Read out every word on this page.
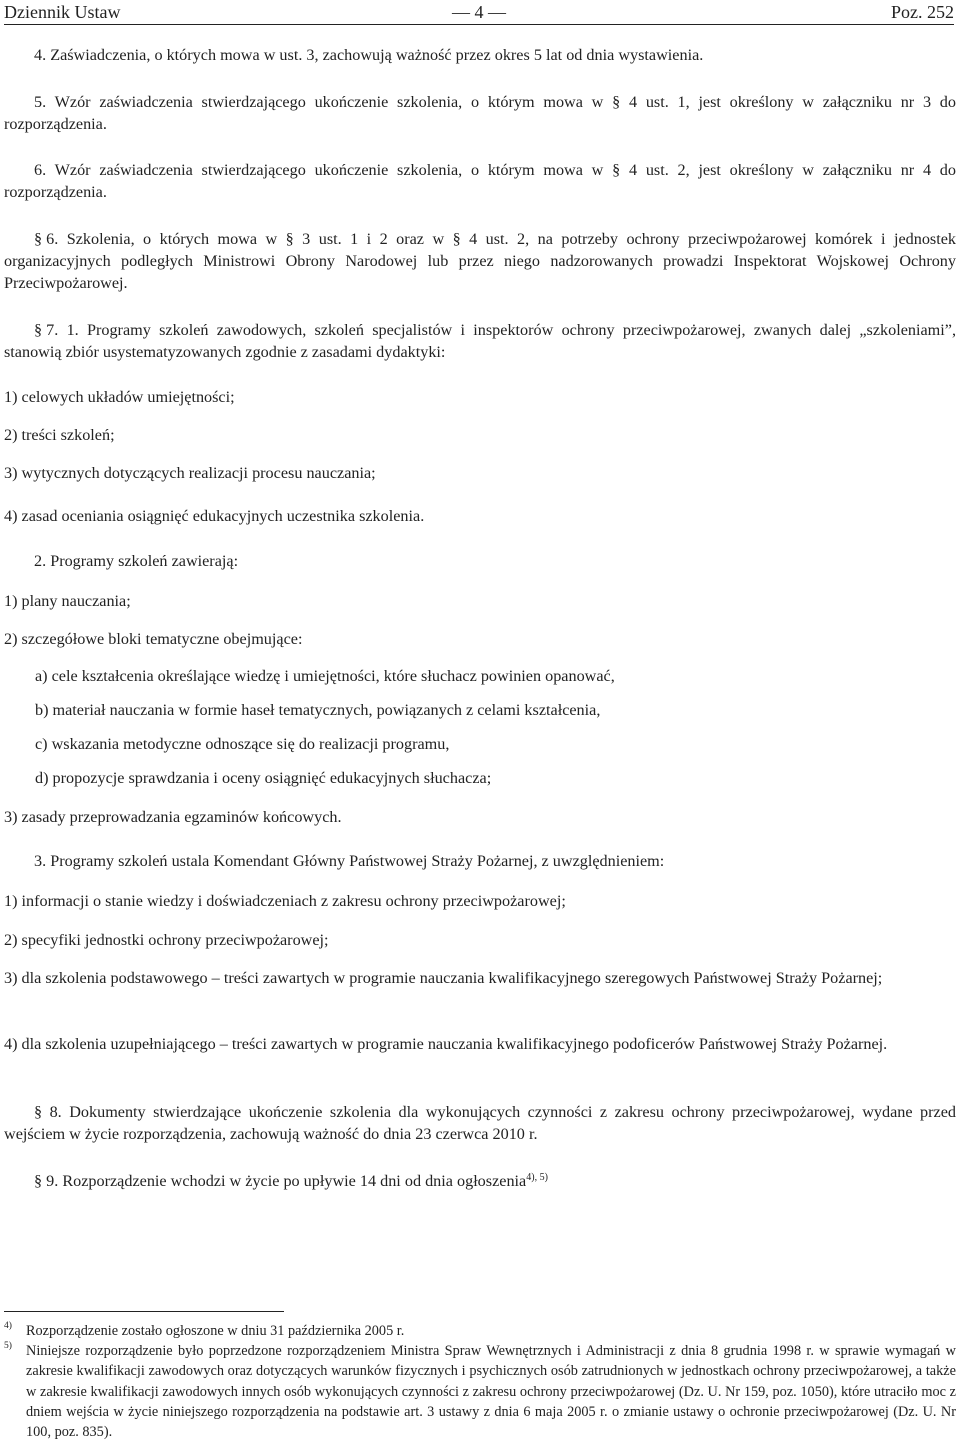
Dziennik Ustaw	— 4 —	Poz. 252
4. Zaświadczenia, o których mowa w ust. 3, zachowują ważność przez okres 5 lat od dnia wystawienia.
5. Wzór zaświadczenia stwierdzającego ukończenie szkolenia, o którym mowa w § 4 ust. 1, jest określony w załączniku nr 3 do rozporządzenia.
6. Wzór zaświadczenia stwierdzającego ukończenie szkolenia, o którym mowa w § 4 ust. 2, jest określony w załączniku nr 4 do rozporządzenia.
§ 6. Szkolenia, o których mowa w § 3 ust. 1 i 2 oraz w § 4 ust. 2, na potrzeby ochrony przeciwpożarowej komórek i jednostek organizacyjnych podległych Ministrowi Obrony Narodowej lub przez niego nadzorowanych prowadzi Inspektorat Wojskowej Ochrony Przeciwpożarowej.
§ 7. 1. Programy szkoleń zawodowych, szkoleń specjalistów i inspektorów ochrony przeciwpożarowej, zwanych dalej „szkoleniami”, stanowią zbiór usystematyzowanych zgodnie z zasadami dydaktyki:
1) celowych układów umiejętności;
2) treści szkoleń;
3) wytycznych dotyczących realizacji procesu nauczania;
4) zasad oceniania osiągnięć edukacyjnych uczestnika szkolenia.
2. Programy szkoleń zawierają:
1) plany nauczania;
2) szczegółowe bloki tematyczne obejmujące:
a) cele kształcenia określające wiedzę i umiejętności, które słuchacz powinien opanować,
b) materiał nauczania w formie haseł tematycznych, powiązanych z celami kształcenia,
c) wskazania metodyczne odnoszące się do realizacji programu,
d) propozycje sprawdzania i oceny osiągnięć edukacyjnych słuchacza;
3) zasady przeprowadzania egzaminów końcowych.
3. Programy szkoleń ustala Komendant Główny Państwowej Straży Pożarnej, z uwzględnieniem:
1) informacji o stanie wiedzy i doświadczeniach z zakresu ochrony przeciwpożarowej;
2) specyfiki jednostki ochrony przeciwpożarowej;
3) dla szkolenia podstawowego – treści zawartych w programie nauczania kwalifikacyjnego szeregowych Państwowej Straży Pożarnej;
4) dla szkolenia uzupełniającego – treści zawartych w programie nauczania kwalifikacyjnego podoficerów Państwowej Straży Pożarnej.
§ 8. Dokumenty stwierdzające ukończenie szkolenia dla wykonujących czynności z zakresu ochrony przeciwpożarowej, wydane przed wejściem w życie rozporządzenia, zachowują ważność do dnia 23 czerwca 2010 r.
§ 9. Rozporządzenie wchodzi w życie po upływie 14 dni od dnia ogłoszenia$^{4), 5)}$
4) Rozporządzenie zostało ogłoszone w dniu 31 października 2005 r.
5) Niniejsze rozporządzenie było poprzedzone rozporządzeniem Ministra Spraw Wewnętrznych i Administracji z dnia 8 grudnia 1998 r. w sprawie wymagań w zakresie kwalifikacji zawodowych oraz dotyczących warunków fizycznych i psychicznych osób zatrudnionych w jednostkach ochrony przeciwpożarowej, a także w zakresie kwalifikacji zawodowych innych osób wykonujących czynności z zakresu ochrony przeciwpożarowej (Dz. U. Nr 159, poz. 1050), które utraciło moc z dniem wejścia w życie niniejszego rozporządzenia na podstawie art. 3 ustawy z dnia 6 maja 2005 r. o zmianie ustawy o ochronie przeciwpożarowej (Dz. U. Nr 100, poz. 835).
